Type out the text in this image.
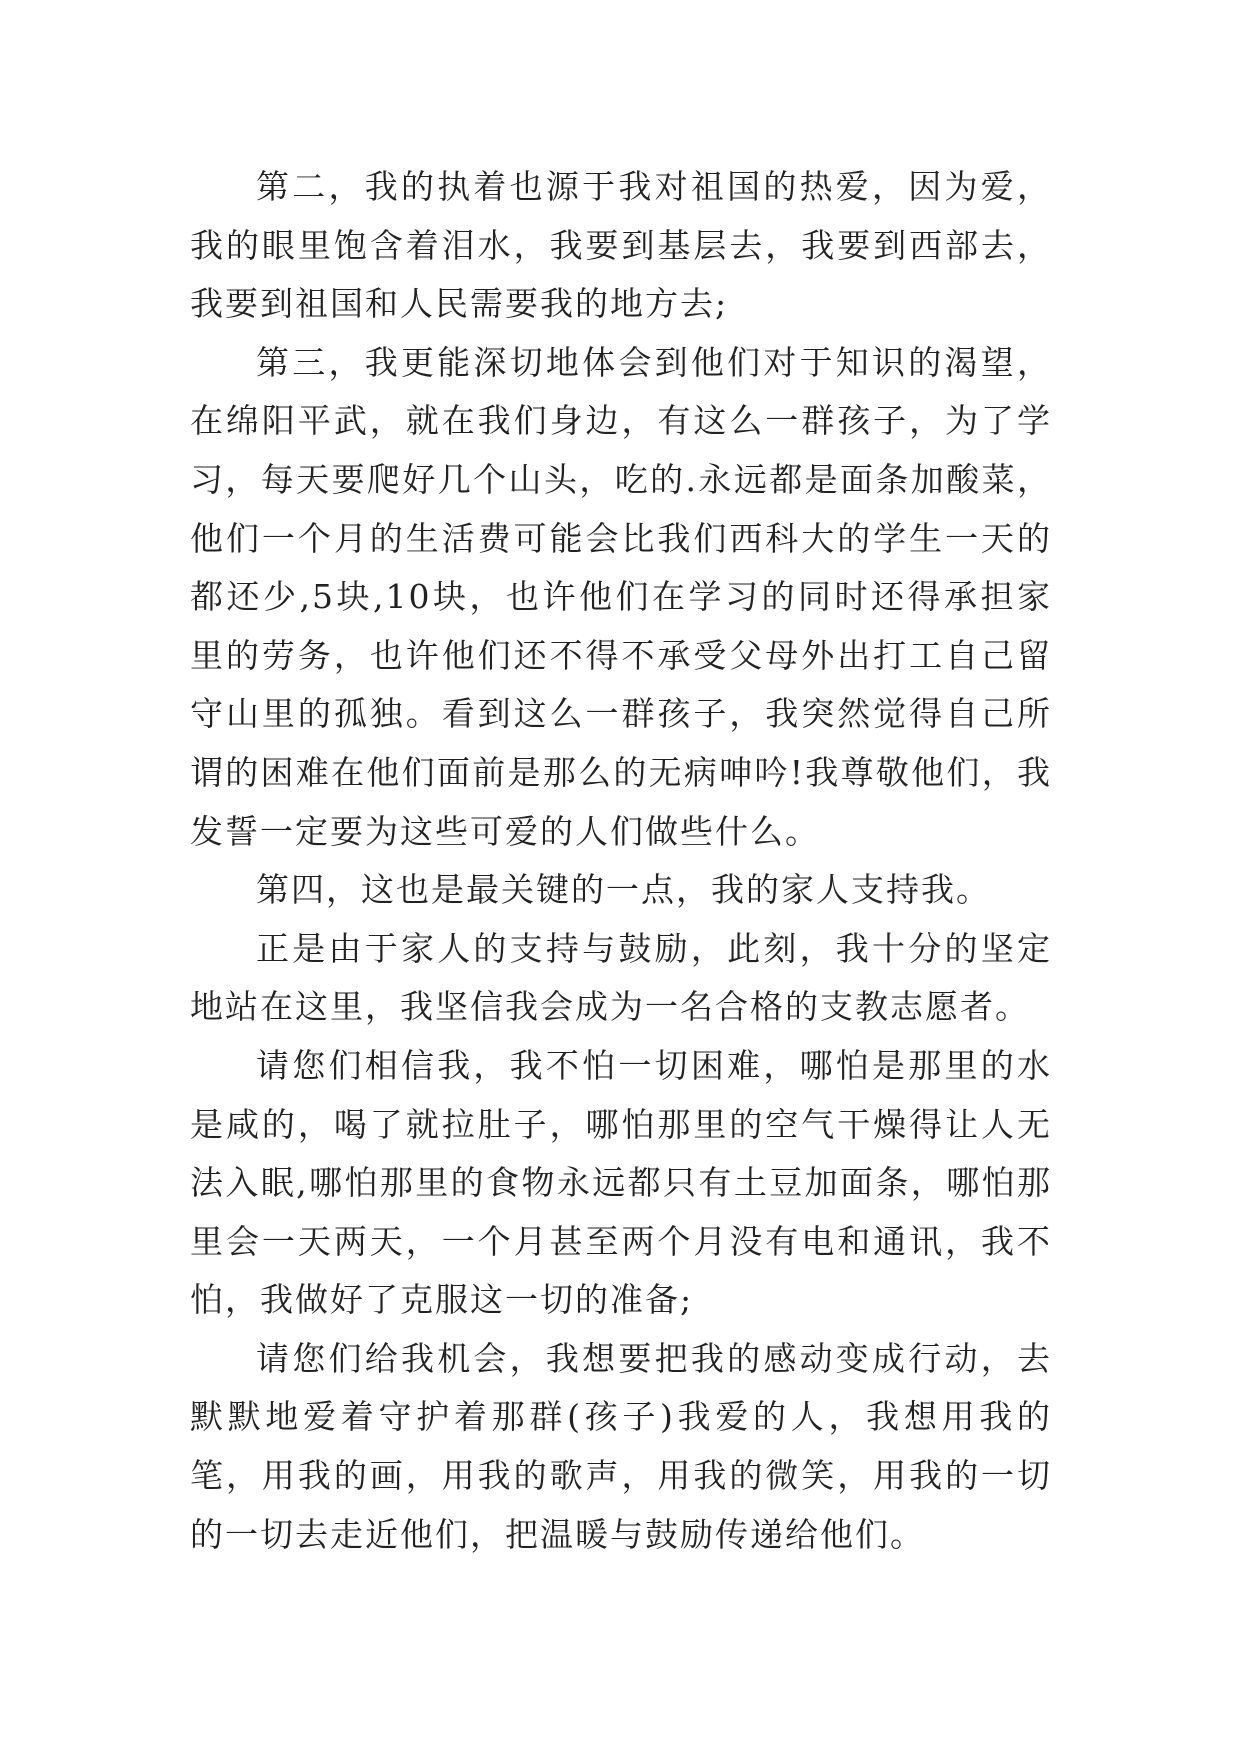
第二，我的执着也源于我对祖国的热爱，因为爱，我的眼里饱含着泪水，我要到基层去，我要到西部去，我要到祖国和人民需要我的地方去;

第三，我更能深切地体会到他们对于知识的渴望，在绵阳平武，就在我们身边，有这么一群孩子，为了学习，每天要爬好几个山头，吃的.永远都是面条加酸菜，他们一个月的生活费可能会比我们西科大的学生一天的都还少,5块,10块，也许他们在学习的同时还得承担家里的劳务，也许他们还不得不承受父母外出打工自己留守山里的孤独。看到这么一群孩子，我突然觉得自己所谓的困难在他们面前是那么的无病呻吟!我尊敬他们，我发誓一定要为这些可爱的人们做些什么。

第四，这也是最关键的一点，我的家人支持我。

正是由于家人的支持与鼓励，此刻，我十分的坚定地站在这里，我坚信我会成为一名合格的支教志愿者。

请您们相信我，我不怕一切困难，哪怕是那里的水是咸的，喝了就拉肚子，哪怕那里的空气干燥得让人无法入眠,哪怕那里的食物永远都只有土豆加面条，哪怕那里会一天两天，一个月甚至两个月没有电和通讯，我不怕，我做好了克服这一切的准备;

请您们给我机会，我想要把我的感动变成行动，去默默地爱着守护着那群(孩子)我爱的人，我想用我的笔，用我的画，用我的歌声，用我的微笑，用我的一切的一切去走近他们，把温暖与鼓励传递给他们。
